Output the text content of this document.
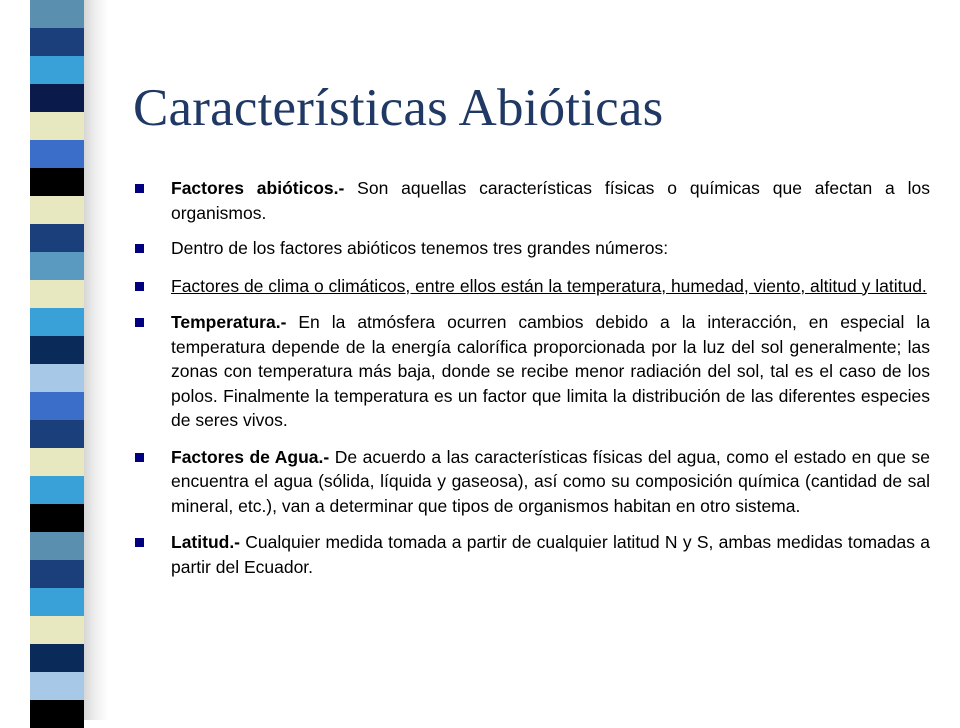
Características Abióticas
Factores abióticos.- Son aquellas características físicas o químicas que afectan a los organismos.
Dentro de los factores abióticos tenemos tres grandes números:
Factores de clima o climáticos, entre ellos están la temperatura, humedad, viento, altitud y latitud.
Temperatura.- En la atmósfera ocurren cambios debido a la interacción, en especial la temperatura depende de la energía calorífica proporcionada por la luz del sol generalmente; las zonas con temperatura más baja, donde se recibe menor radiación del sol, tal es el caso de los polos. Finalmente la temperatura es un factor que limita la distribución de las diferentes especies de seres vivos.
Factores de Agua.- De acuerdo a las características físicas del agua, como el estado en que se encuentra el agua (sólida, líquida y gaseosa), así como su composición química (cantidad de sal mineral, etc.), van a determinar que tipos de organismos habitan en otro sistema.
Latitud.- Cualquier medida tomada a partir de cualquier latitud N y S, ambas medidas tomadas a partir del Ecuador.
